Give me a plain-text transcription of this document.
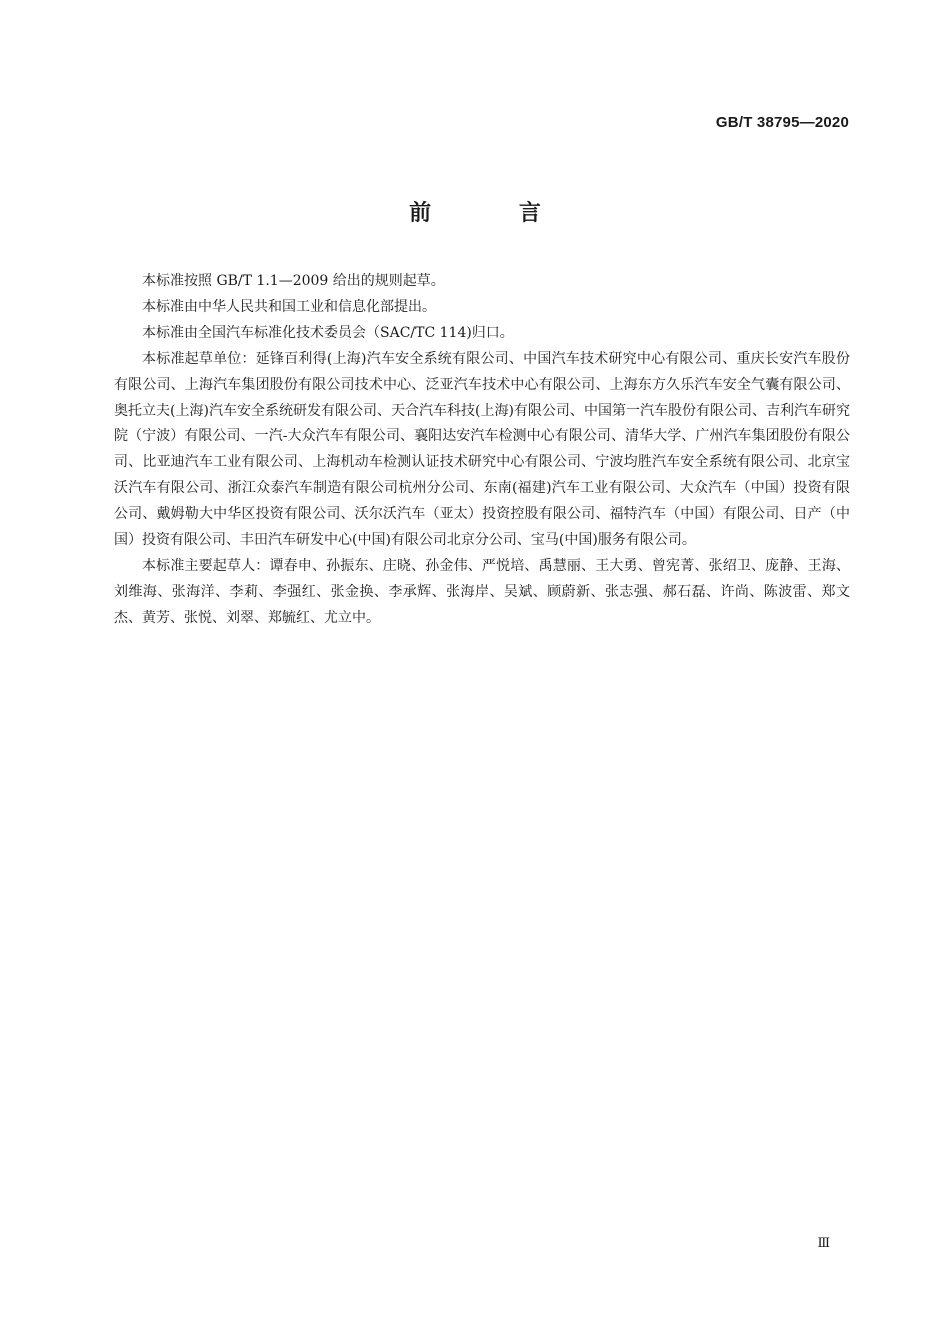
GB/T 38795—2020
前 言

本标准按照 GB/T 1.1—2009 给出的规则起草。

本标准由中华人民共和国工业和信息化部提出。

本标准由全国汽车标准化技术委员会（SAC/TC 114)归口。

本标准起草单位：延锋百利得(上海)汽车安全系统有限公司、中国汽车技术研究中心有限公司、重庆长安汽车股份有限公司、上海汽车集团股份有限公司技术中心、泛亚汽车技术中心有限公司、上海东方久乐汽车安全气囊有限公司、奥托立夫(上海)汽车安全系统研发有限公司、天合汽车科技(上海)有限公司、中国第一汽车股份有限公司、吉利汽车研究院（宁波）有限公司、一汽-大众汽车有限公司、襄阳达安汽车检测中心有限公司、清华大学、广州汽车集团股份有限公司、比亚迪汽车工业有限公司、上海机动车检测认证技术研究中心有限公司、宁波均胜汽车安全系统有限公司、北京宝沃汽车有限公司、浙江众泰汽车制造有限公司杭州分公司、东南(福建)汽车工业有限公司、大众汽车（中国）投资有限公司、戴姆勒大中华区投资有限公司、沃尔沃汽车（亚太）投资控股有限公司、福特汽车（中国）有限公司、日产（中国）投资有限公司、丰田汽车研发中心(中国)有限公司北京分公司、宝马(中国)服务有限公司。

本标准主要起草人：谭春申、孙振东、庄晓、孙金伟、严悦培、禹慧丽、王大勇、曾宪菁、张绍卫、庞静、王海、刘维海、张海洋、李莉、李强红、张金换、李承辉、张海岸、吴斌、顾蔚新、张志强、郝石磊、许尚、陈波雷、郑文杰、黄芳、张悦、刘翠、郑毓红、尤立中。

Ⅲ
